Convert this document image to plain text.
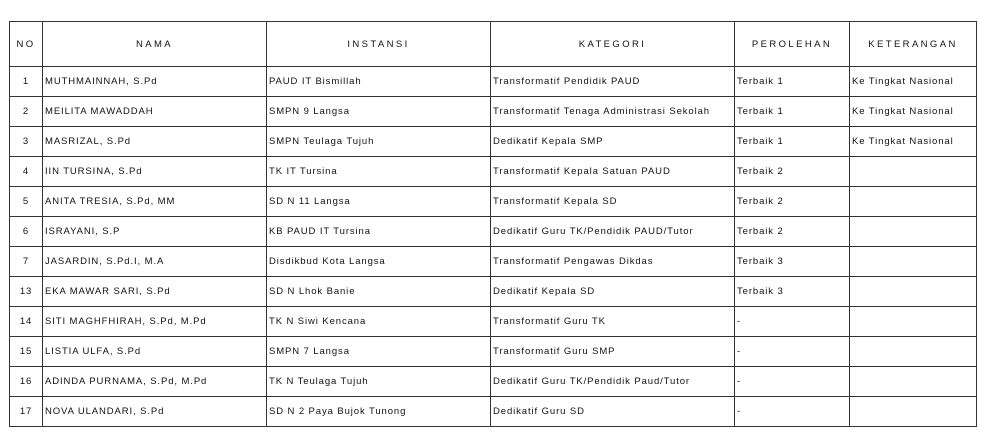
NO	NAMA	INSTANSI	KATEGORI	PEROLEHAN	KETERANGAN
1	MUTHMAINNAH, S.Pd	PAUD IT Bismillah	Transformatif Pendidik PAUD	Terbaik 1	Ke Tingkat Nasional
2	MEILITA MAWADDAH	SMPN 9 Langsa	Transformatif Tenaga Administrasi Sekolah	Terbaik 1	Ke Tingkat Nasional
3	MASRIZAL, S.Pd	SMPN Teulaga Tujuh	Dedikatif Kepala SMP	Terbaik 1	Ke Tingkat Nasional
4	IIN TURSINA, S.Pd	TK IT Tursina	Transformatif Kepala Satuan PAUD	Terbaik 2	
5	ANITA TRESIA, S.Pd, MM	SD N 11 Langsa	Transformatif Kepala SD	Terbaik 2	
6	ISRAYANI, S.P	KB PAUD IT Tursina	Dedikatif Guru TK/Pendidik PAUD/Tutor	Terbaik 2	
7	JASARDIN, S.Pd.I, M.A	Disdikbud Kota Langsa	Transformatif Pengawas Dikdas	Terbaik 3	
13	EKA MAWAR SARI, S.Pd	SD N Lhok Banie	Dedikatif Kepala SD	Terbaik 3	
14	SITI MAGHFHIRAH, S.Pd, M.Pd	TK N Siwi Kencana	Transformatif Guru TK	-	
15	LISTIA ULFA, S.Pd	SMPN 7 Langsa	Transformatif Guru SMP	-	
16	ADINDA PURNAMA, S.Pd, M.Pd	TK N Teulaga Tujuh	Dedikatif Guru TK/Pendidik Paud/Tutor	-	
17	NOVA ULANDARI, S.Pd	SD N 2 Paya Bujok Tunong	Dedikatif Guru SD	-	
